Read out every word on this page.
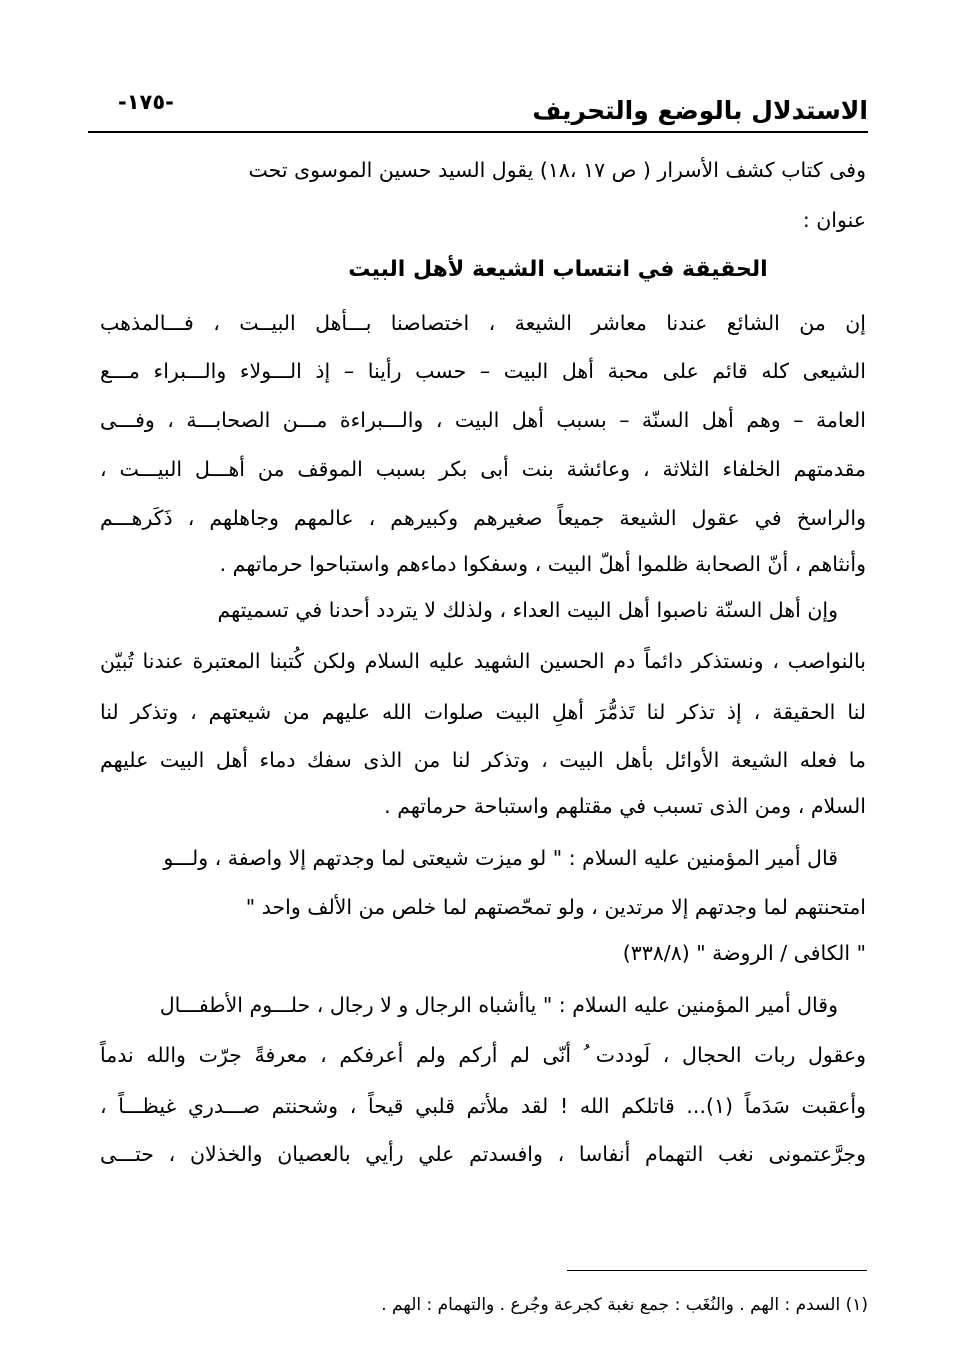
الاستدلال بالوضع والتحريف
-١٧٥-
وفى كتاب كشف الأسرار ( ص ١٧ ،١٨) يقول السيد حسين الموسوى تحت
عنوان :
الحقيقة في انتساب الشيعة لأهل البيت
إن من الشائع عندنا معاشر الشيعة ، اختصاصنا بـــأهل البيــت ، فـــالمذهب
الشيعى كله قائم على محبة أهل البيت – حسب رأينا – إذ الـــولاء والـــبراء مـــع
العامة – وهم أهل السنّة – بسبب أهل البيت ، والـــبراءة مـــن الصحابـــة ، وفـــى
مقدمتهم الخلفاء الثلاثة ، وعائشة بنت أبى بكر بسبب الموقف من أهـــل البيـــت ،
والراسخ في عقول الشيعة جميعاً صغيرهم وكبيرهم ، عالمهم وجاهلهم ، ذَكَرهـــم
وأنثاهم ، أنّ الصحابة ظلموا أهلّ البيت ، وسفكوا دماءهم واستباحوا حرماتهم .
وإن أهل السنّة ناصبوا أهل البيت العداء ، ولذلك لا يتردد أحدنا في تسميتهم
بالنواصب ، ونستذكر دائماً دم الحسين الشهيد عليه السلام ولكن كُتبنا المعتبرة عندنا تُبيّن
لنا الحقيقة ، إذ تذكر لنا تَذمُّرَ أهلِ البيت صلوات الله عليهم من شيعتهم ، وتذكر لنا
ما فعله الشيعة الأوائل بأهل البيت ، وتذكر لنا من الذى سفك دماء أهل البيت عليهم
السلام ، ومن الذى تسبب في مقتلهم واستباحة حرماتهم .
قال أمير المؤمنين عليه السلام : " لو ميزت شيعتى لما وجدتهم إلا واصفة ، ولـــو
امتحنتهم لما وجدتهم إلا مرتدين ، ولو تمحّصتهم لما خلص من الألف واحد "
" الكافى / الروضة " (٣٣٨/٨)
وقال أمير المؤمنين عليه السلام : " ياأشباه الرجال و لا رجال ، حلـــوم الأطفـــال
وعقول ربات الحجال ، لَوددت ُ أنّى لم أركم ولم أعرفكم ، معرفةً جرّت والله ندماً
وأعقبت سَدَماً (١)... قاتلكم الله ! لقد ملأتم قلبي قيحاً ، وشحنتم صـــدري غيظـــاً ،
وجرَّعتمونى نغب التهمام أنفاسا ، وافسدتم علي رأيي بالعصيان والخذلان ، حتـــى
(١) السدم : الهم . والنُغَب : جمع نغبة كجرعة وجُرع . والتهمام : الهم .
